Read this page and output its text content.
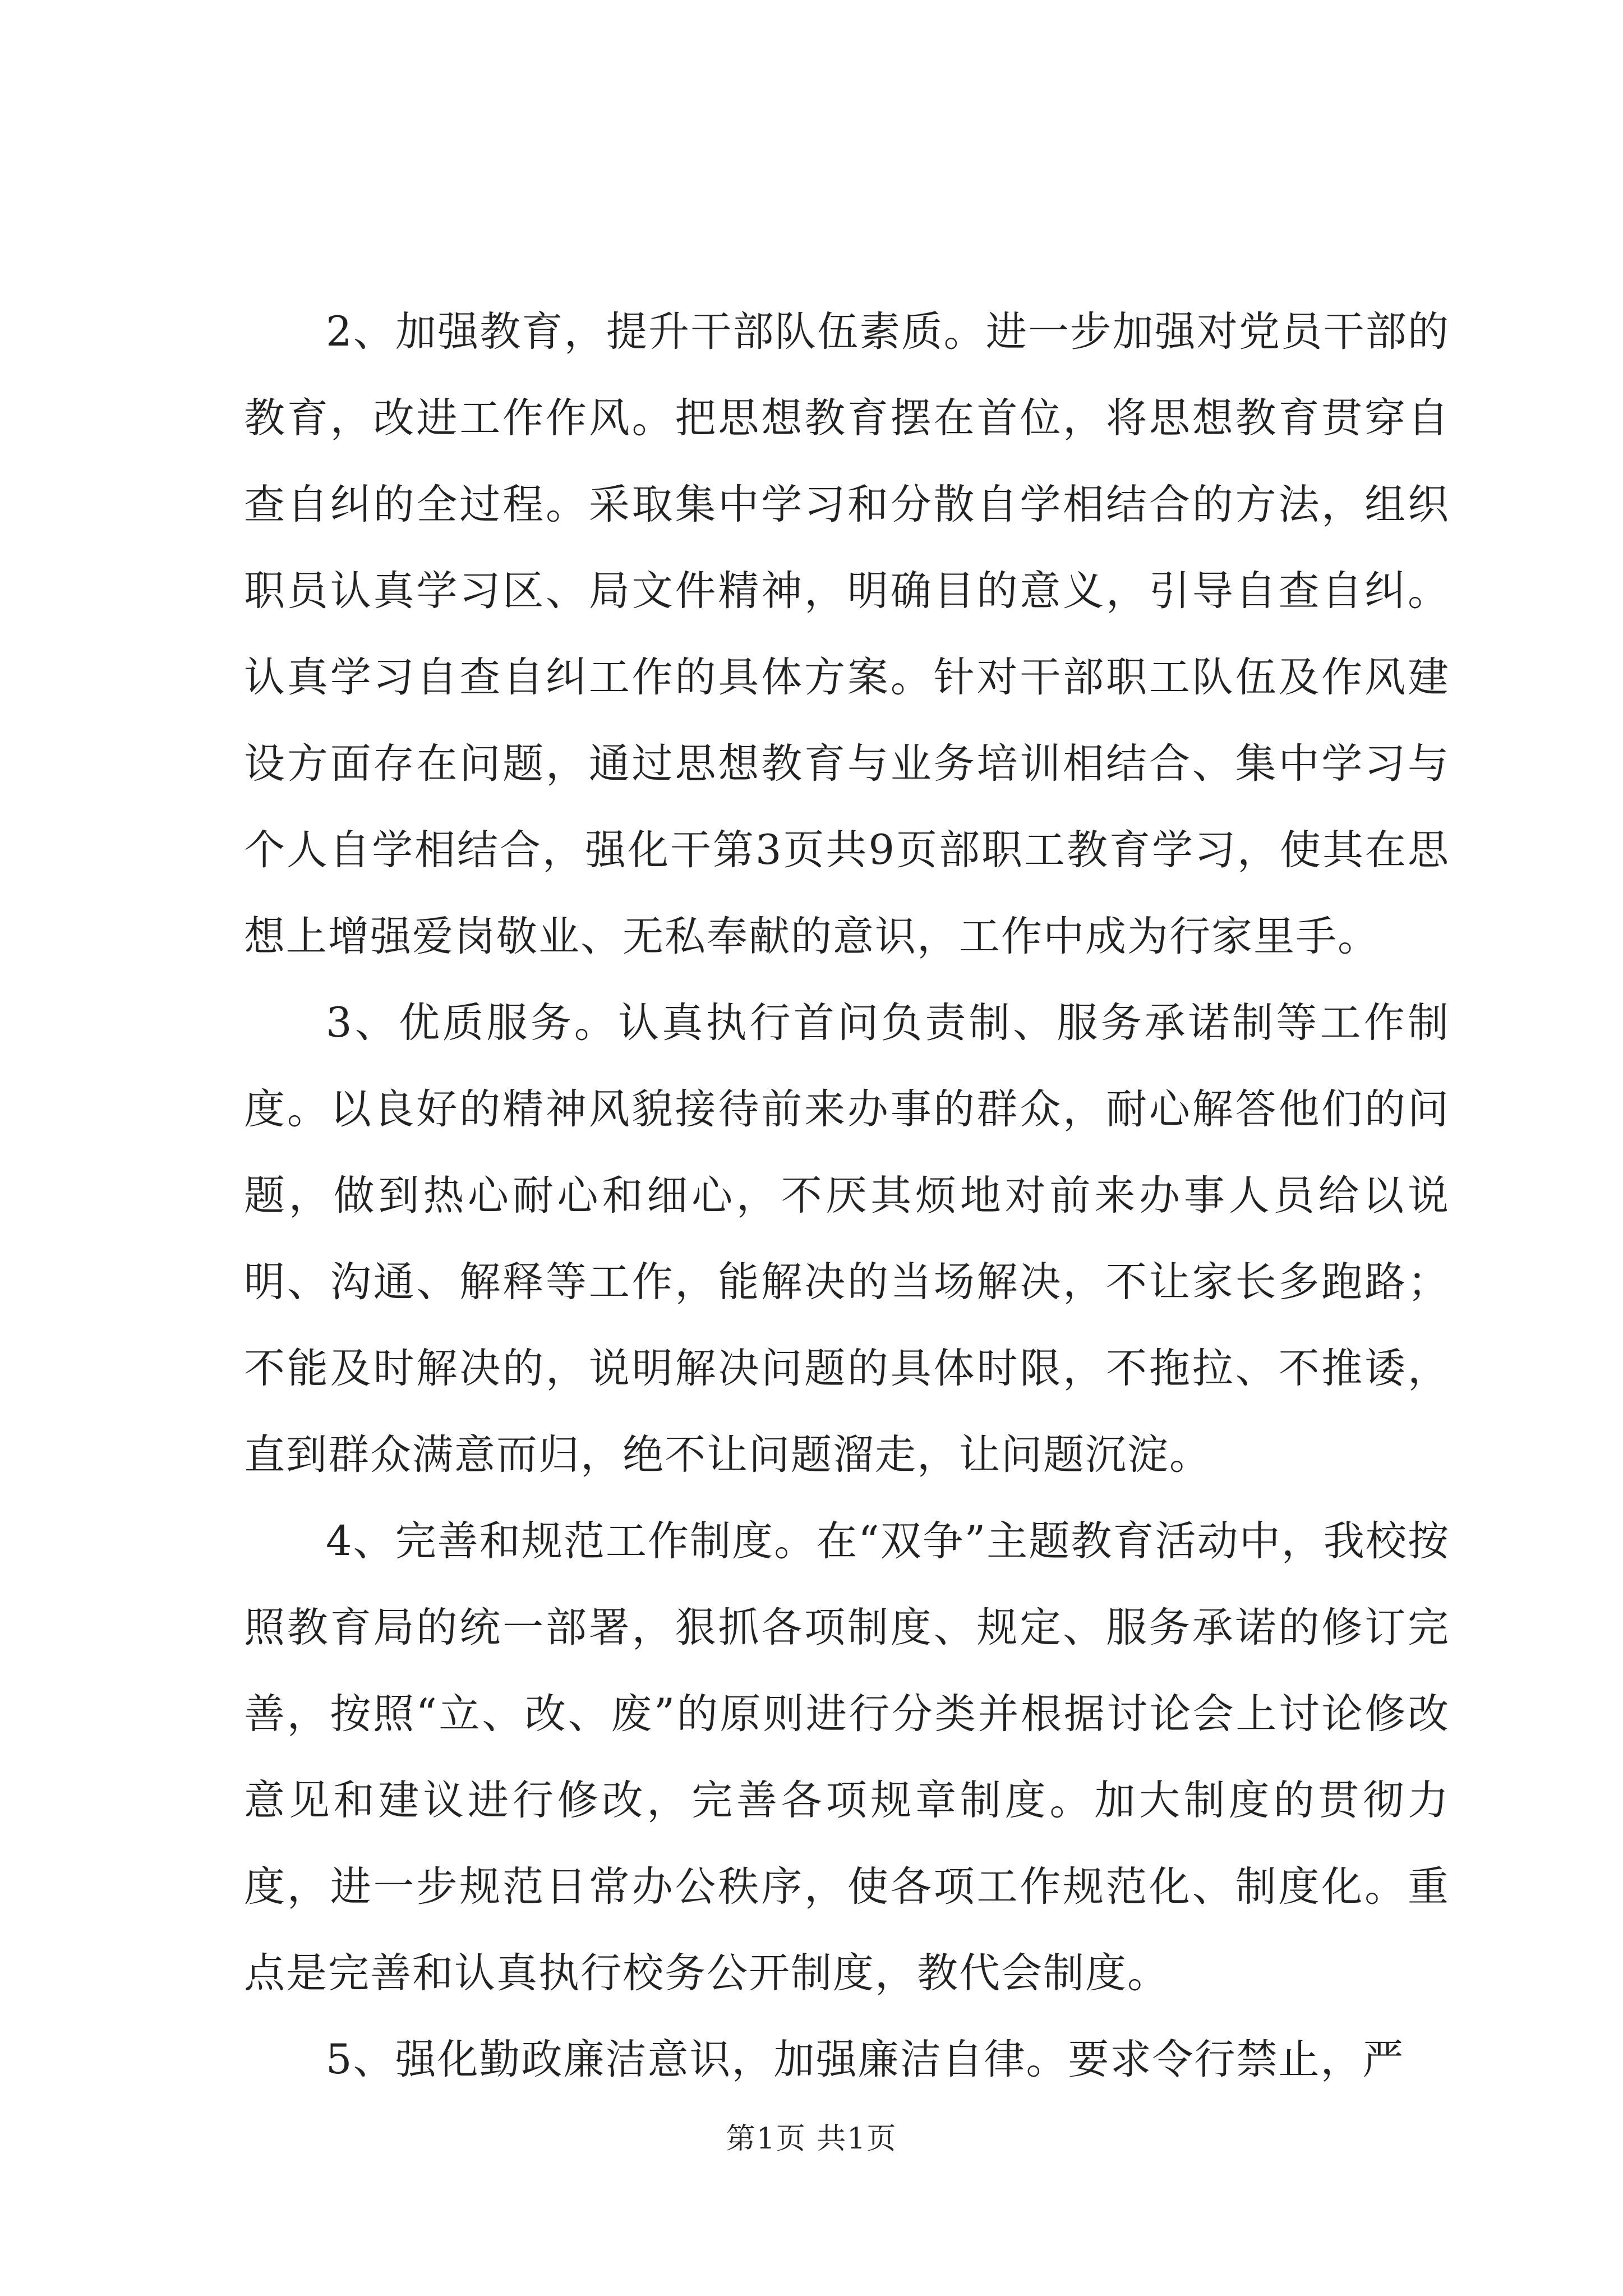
2、加强教育，提升干部队伍素质。进一步加强对党员干部的教育，改进工作作风。把思想教育摆在首位，将思想教育贯穿自查自纠的全过程。采取集中学习和分散自学相结合的方法，组织职员认真学习区、局文件精神，明确目的意义，引导自查自纠。认真学习自查自纠工作的具体方案。针对干部职工队伍及作风建设方面存在问题，通过思想教育与业务培训相结合、集中学习与个人自学相结合，强化干第3页共9页部职工教育学习，使其在思想上增强爱岗敬业、无私奉献的意识，工作中成为行家里手。

3、优质服务。认真执行首问负责制、服务承诺制等工作制度。以良好的精神风貌接待前来办事的群众，耐心解答他们的问题，做到热心耐心和细心，不厌其烦地对前来办事人员给以说明、沟通、解释等工作，能解决的当场解决，不让家长多跑路；不能及时解决的，说明解决问题的具体时限，不拖拉、不推诿，直到群众满意而归，绝不让问题溜走，让问题沉淀。

4、完善和规范工作制度。在“双争”主题教育活动中，我校按照教育局的统一部署，狠抓各项制度、规定、服务承诺的修订完善，按照“立、改、废”的原则进行分类并根据讨论会上讨论修改意见和建议进行修改，完善各项规章制度。加大制度的贯彻力度，进一步规范日常办公秩序，使各项工作规范化、制度化。重点是完善和认真执行校务公开制度，教代会制度。

5、强化勤政廉洁意识，加强廉洁自律。要求令行禁止，严

第1页 共1页
